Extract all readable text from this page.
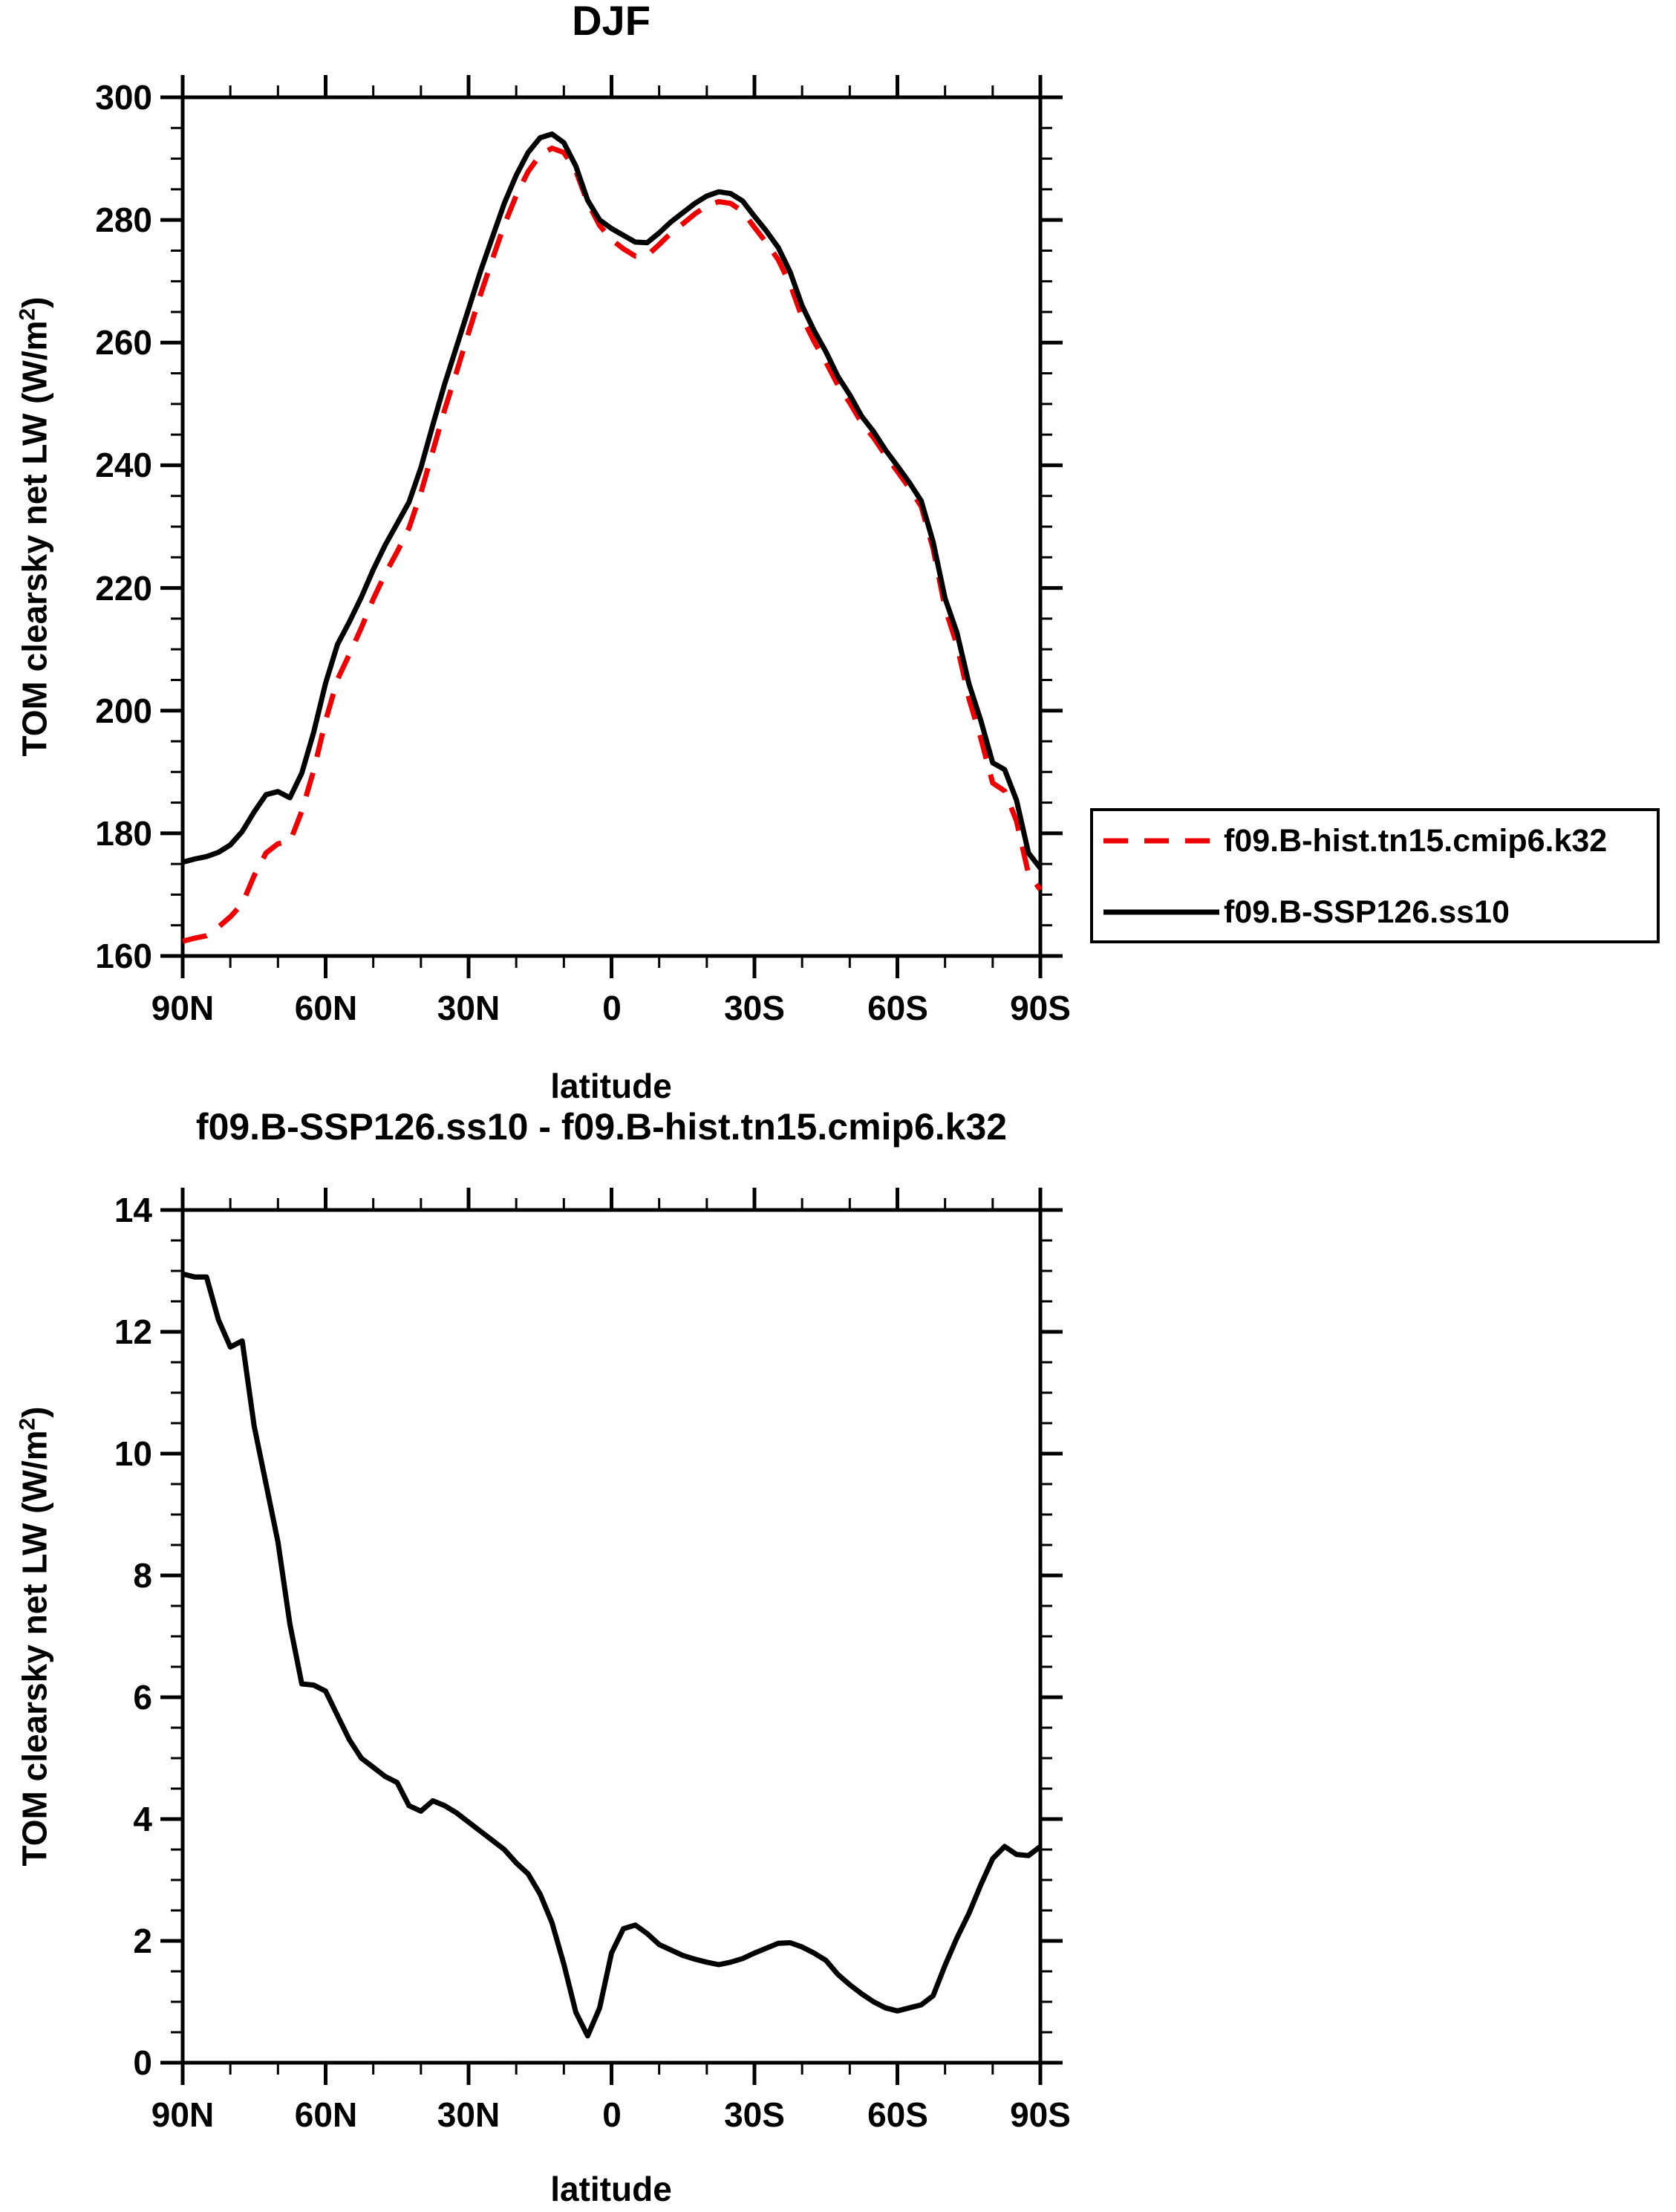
DJF
TOM clearsky net LW $(W/m^2)$
latitude
f09.B-SSP126.ss10 - f09.B-hist.tn15.cmip6.k32
TOM clearsky net LW $(W/m^2)$
latitude
f09.B-hist.tn15.cmip6.k32
f09.B-SSP126.ss10
300
280
260
240
220
200
180
160
90N	60N	30N	0	30S	60S	90S
14
12
10
8
6
4
2
0
90N	60N	30N	0	30S	60S	90S
